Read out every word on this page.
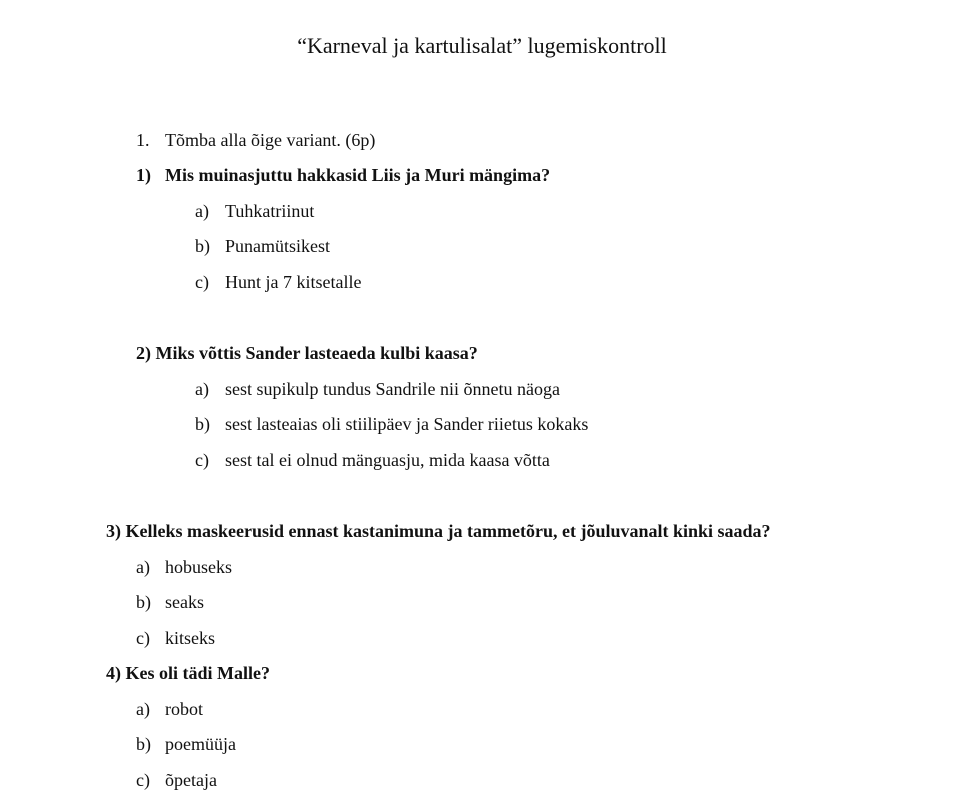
“Karneval ja kartulisalat” lugemiskontroll
1. Tõmba alla õige variant. (6p)
1) Mis muinasjuttu hakkasid Liis ja Muri mängima?
a) Tuhkatriinut
b) Punamütsikest
c) Hunt ja 7 kitsetalle
2) Miks võttis Sander lasteaeda kulbi kaasa?
a) sest supikulp tundus Sandrile nii õnnetu näoga
b) sest lasteaias oli stiilipäev ja Sander riietus kokaks
c) sest tal ei olnud mänguasju, mida kaasa võtta
3) Kelleks maskeerusid ennast kastanimuna ja tammetõru, et jõuluvanalt kinki saada?
a) hobuseks
b) seaks
c) kitseks
4) Kes oli tädi Malle?
a) robot
b) poemüüja
c) õpetaja
